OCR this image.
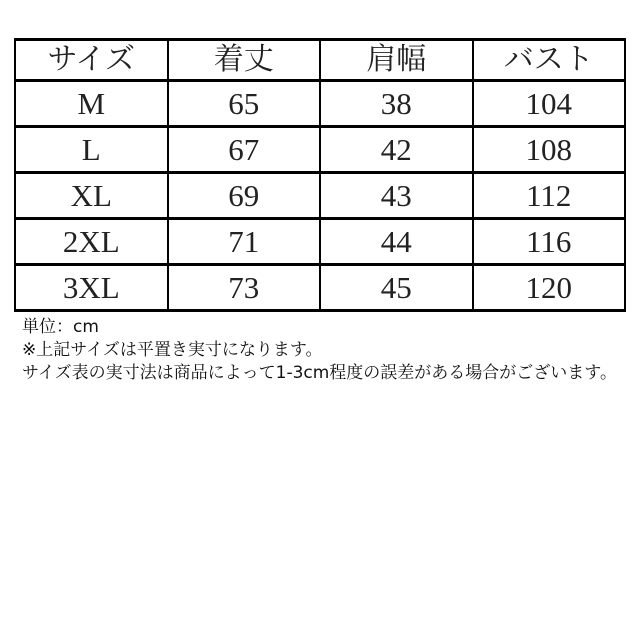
サイズ	着丈	肩幅	バスト
M	65	38	104
L	67	42	108
XL	69	43	112
2XL	71	44	116
3XL	73	45	120

単位：cm

※上記サイズは平置き実寸になります。

サイズ表の実寸法は商品によって1-3cm程度の誤差がある場合がございます。
